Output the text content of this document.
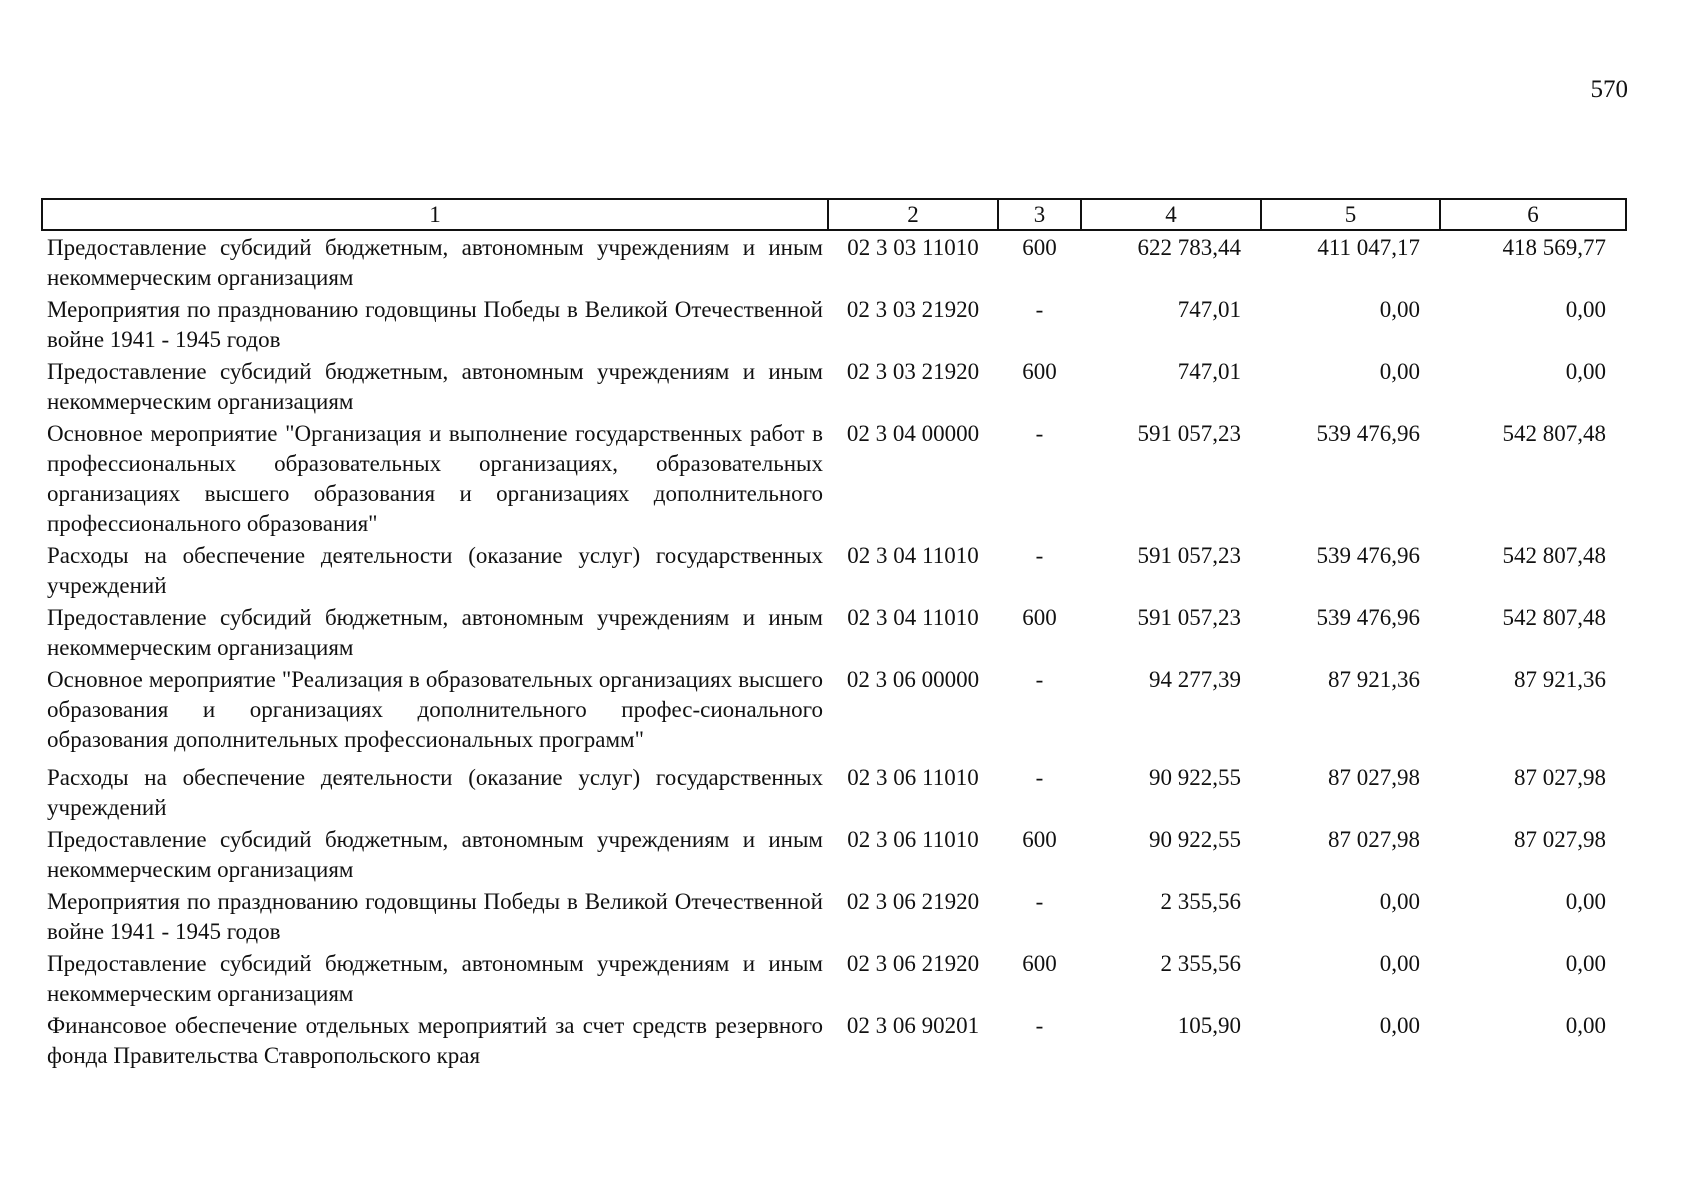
570
1	2	3	4	5	6
Предоставление субсидий бюджетным, автономным учреждениям и иным некоммерческим организациям	02 3 03 11010	600	622 783,44	411 047,17	418 569,77
Мероприятия по празднованию годовщины Победы в Великой Отечественной войне 1941 - 1945 годов	02 3 03 21920	-	747,01	0,00	0,00
Предоставление субсидий бюджетным, автономным учреждениям и иным некоммерческим организациям	02 3 03 21920	600	747,01	0,00	0,00
Основное мероприятие "Организация и выполнение государственных работ в профессиональных образовательных организациях, образовательных организациях высшего образования и организациях дополнительного профессионального образования"	02 3 04 00000	-	591 057,23	539 476,96	542 807,48
Расходы на обеспечение деятельности (оказание услуг) государственных учреждений	02 3 04 11010	-	591 057,23	539 476,96	542 807,48
Предоставление субсидий бюджетным, автономным учреждениям и иным некоммерческим организациям	02 3 04 11010	600	591 057,23	539 476,96	542 807,48
Основное мероприятие "Реализация в образовательных организациях высшего образования и организациях дополнительного профес-сионального образования дополнительных профессиональных программ"	02 3 06 00000	-	94 277,39	87 921,36	87 921,36
Расходы на обеспечение деятельности (оказание услуг) государственных учреждений	02 3 06 11010	-	90 922,55	87 027,98	87 027,98
Предоставление субсидий бюджетным, автономным учреждениям и иным некоммерческим организациям	02 3 06 11010	600	90 922,55	87 027,98	87 027,98
Мероприятия по празднованию годовщины Победы в Великой Отечественной войне 1941 - 1945 годов	02 3 06 21920	-	2 355,56	0,00	0,00
Предоставление субсидий бюджетным, автономным учреждениям и иным некоммерческим организациям	02 3 06 21920	600	2 355,56	0,00	0,00
Финансовое обеспечение отдельных мероприятий за счет средств резервного фонда Правительства Ставропольского края	02 3 06 90201	-	105,90	0,00	0,00
